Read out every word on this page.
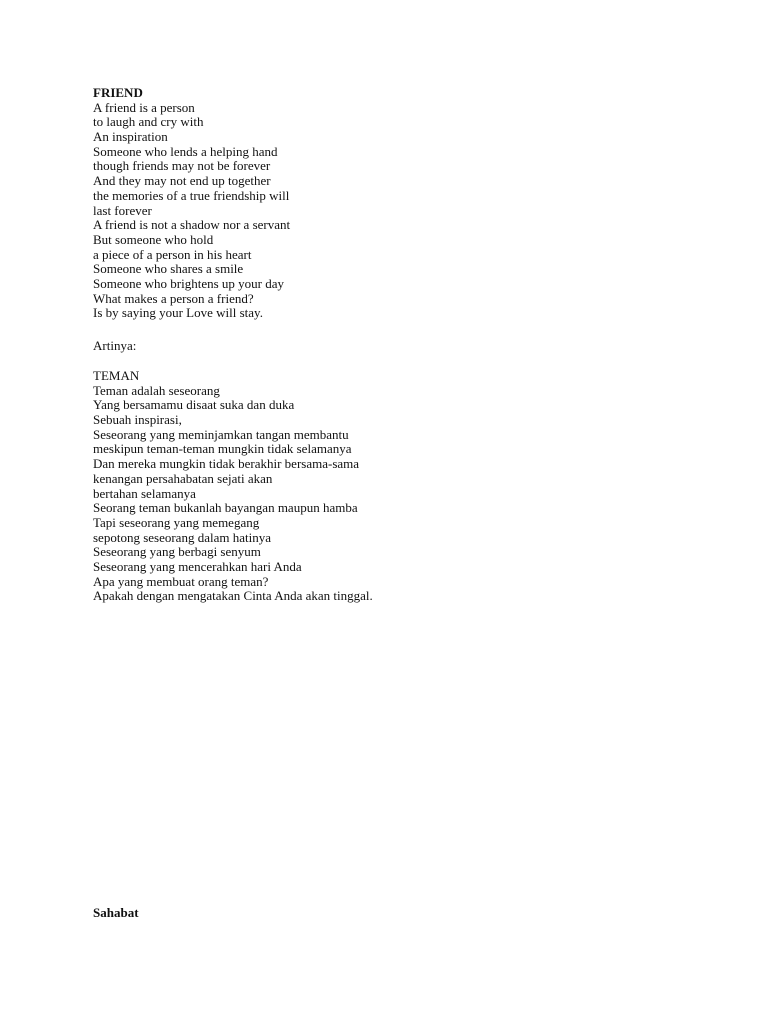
FRIEND
A friend is a person
to laugh and cry with
An inspiration
Someone who lends a helping hand
though friends may not be forever
And they may not end up together
the memories of a true friendship will
last forever
A friend is not a shadow nor a servant
But someone who hold
a piece of a person in his heart
Someone who shares a smile
Someone who brightens up your day
What makes a person a friend?
Is by saying your Love will stay.
Artinya:
TEMAN
Teman adalah seseorang
Yang bersamamu disaat suka dan duka
Sebuah inspirasi,
Seseorang yang meminjamkan tangan membantu
meskipun teman-teman mungkin tidak selamanya
Dan mereka mungkin tidak berakhir bersama-sama
kenangan persahabatan sejati akan
bertahan selamanya
Seorang teman bukanlah bayangan maupun hamba
Tapi seseorang yang memegang
sepotong seseorang dalam hatinya
Seseorang yang berbagi senyum
Seseorang yang mencerahkan hari Anda
Apa yang membuat orang teman?
Apakah dengan mengatakan Cinta Anda akan tinggal.
Sahabat
